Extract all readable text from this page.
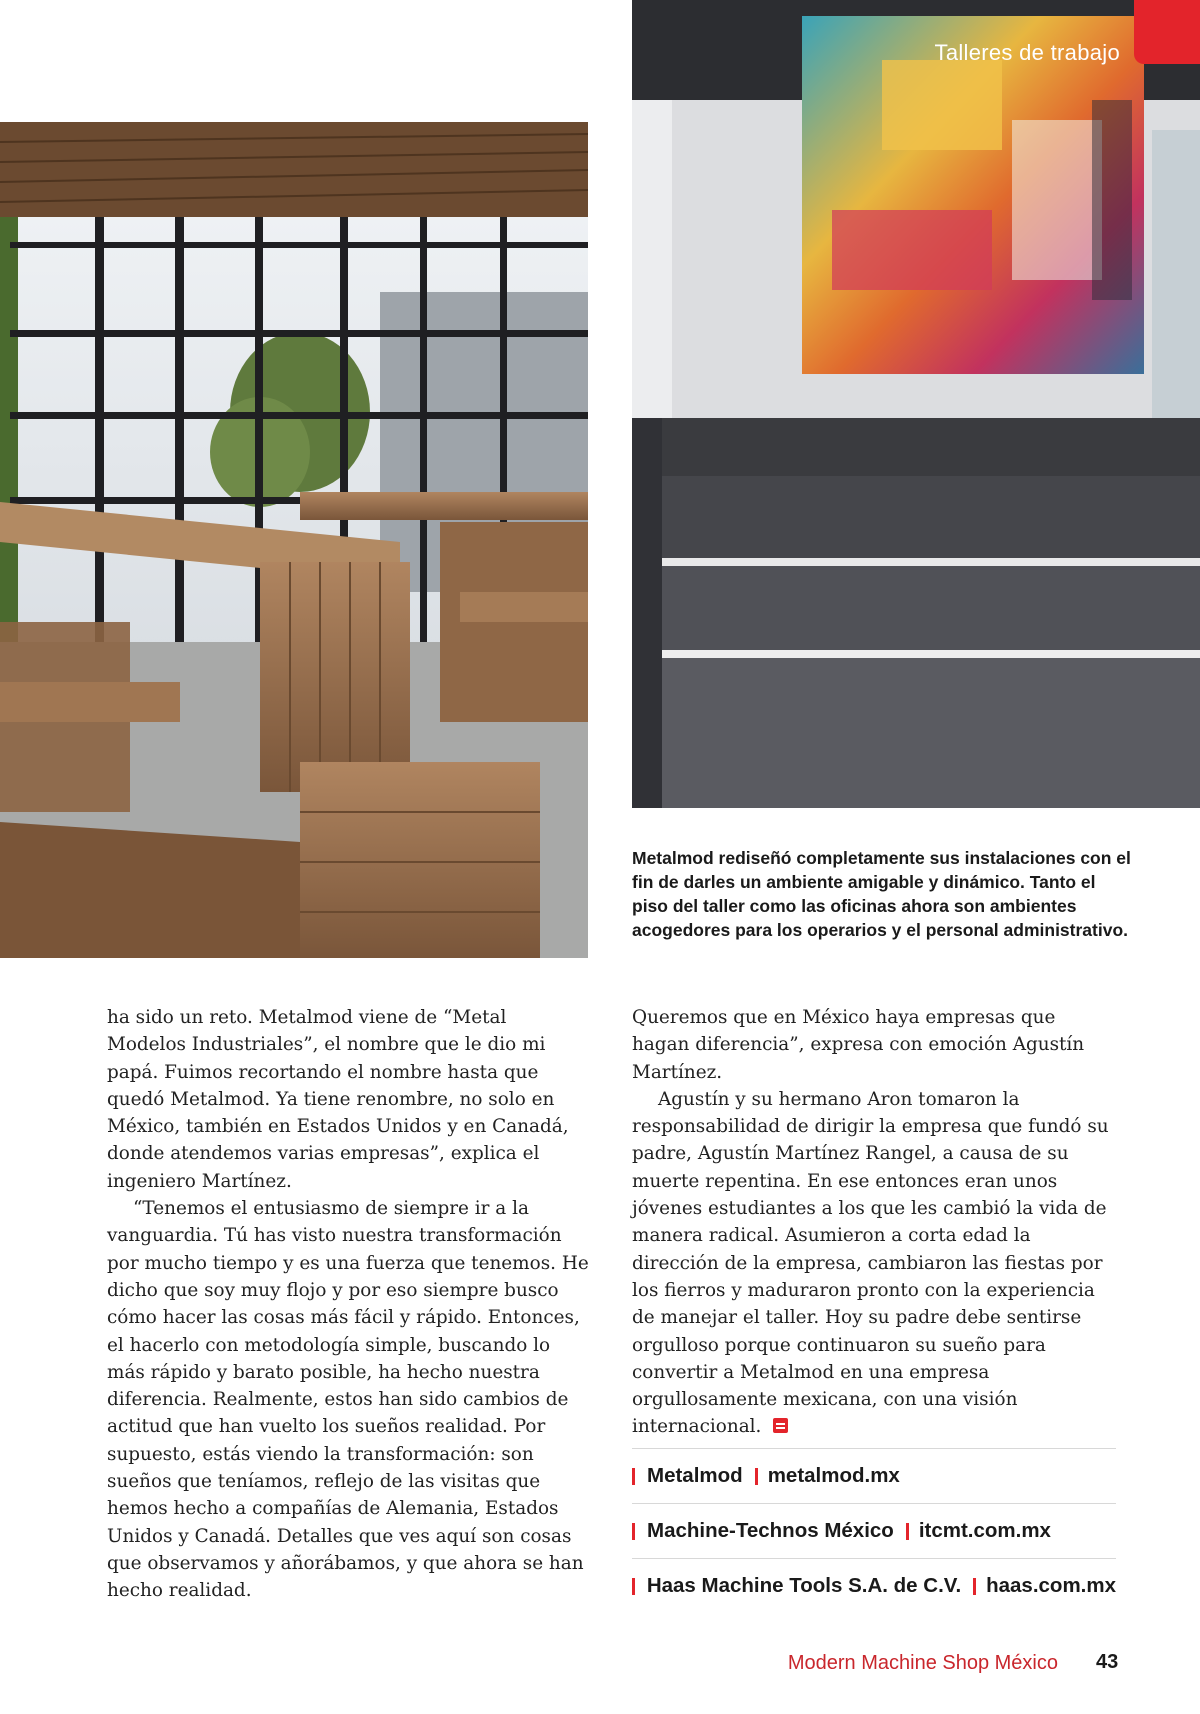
Talleres de trabajo
Metalmod rediseñó completamente sus instalaciones con el fin de darles un ambiente amigable y dinámico. Tanto el piso del taller como las oficinas ahora son ambientes acogedores para los operarios y el personal administrativo.

ha sido un reto. Metalmod viene de “Metal Modelos Industriales”, el nombre que le dio mi papá. Fuimos recortando el nombre hasta que quedó Metalmod. Ya tiene renombre, no solo en México, también en Estados Unidos y en Canadá, donde atendemos varias empresas”, explica el ingeniero Martínez.

“Tenemos el entusiasmo de siempre ir a la vanguardia. Tú has visto nuestra transformación por mucho tiempo y es una fuerza que tenemos. He dicho que soy muy flojo y por eso siempre busco cómo hacer las cosas más fácil y rápido. Entonces, el hacerlo con metodología simple, buscando lo más rápido y barato posible, ha hecho nuestra diferencia. Realmente, estos han sido cambios de actitud que han vuelto los sueños realidad. Por supuesto, estás viendo la transformación: son sueños que teníamos, reflejo de las visitas que hemos hecho a compañías de Alemania, Estados Unidos y Canadá. Detalles que ves aquí son cosas que observamos y añorábamos, y que ahora se han hecho realidad.

Queremos que en México haya empresas que hagan diferencia”, expresa con emoción Agustín Martínez.

Agustín y su hermano Aron tomaron la responsabilidad de dirigir la empresa que fundó su padre, Agustín Martínez Rangel, a causa de su muerte repentina. En ese entonces eran unos jóvenes estudiantes a los que les cambió la vida de manera radical. Asumieron a corta edad la dirección de la empresa, cambiaron las fiestas por los fierros y maduraron pronto con la experiencia de manejar el taller. Hoy su padre debe sentirse orgulloso porque continuaron su sueño para convertir a Metalmod en una empresa orgullosamente mexicana, con una visión internacional.

Metalmod metalmod.mx
Machine-Technos México itcmt.com.mx
Haas Machine Tools S.A. de C.V. haas.com.mx
Modern Machine Shop México 43
